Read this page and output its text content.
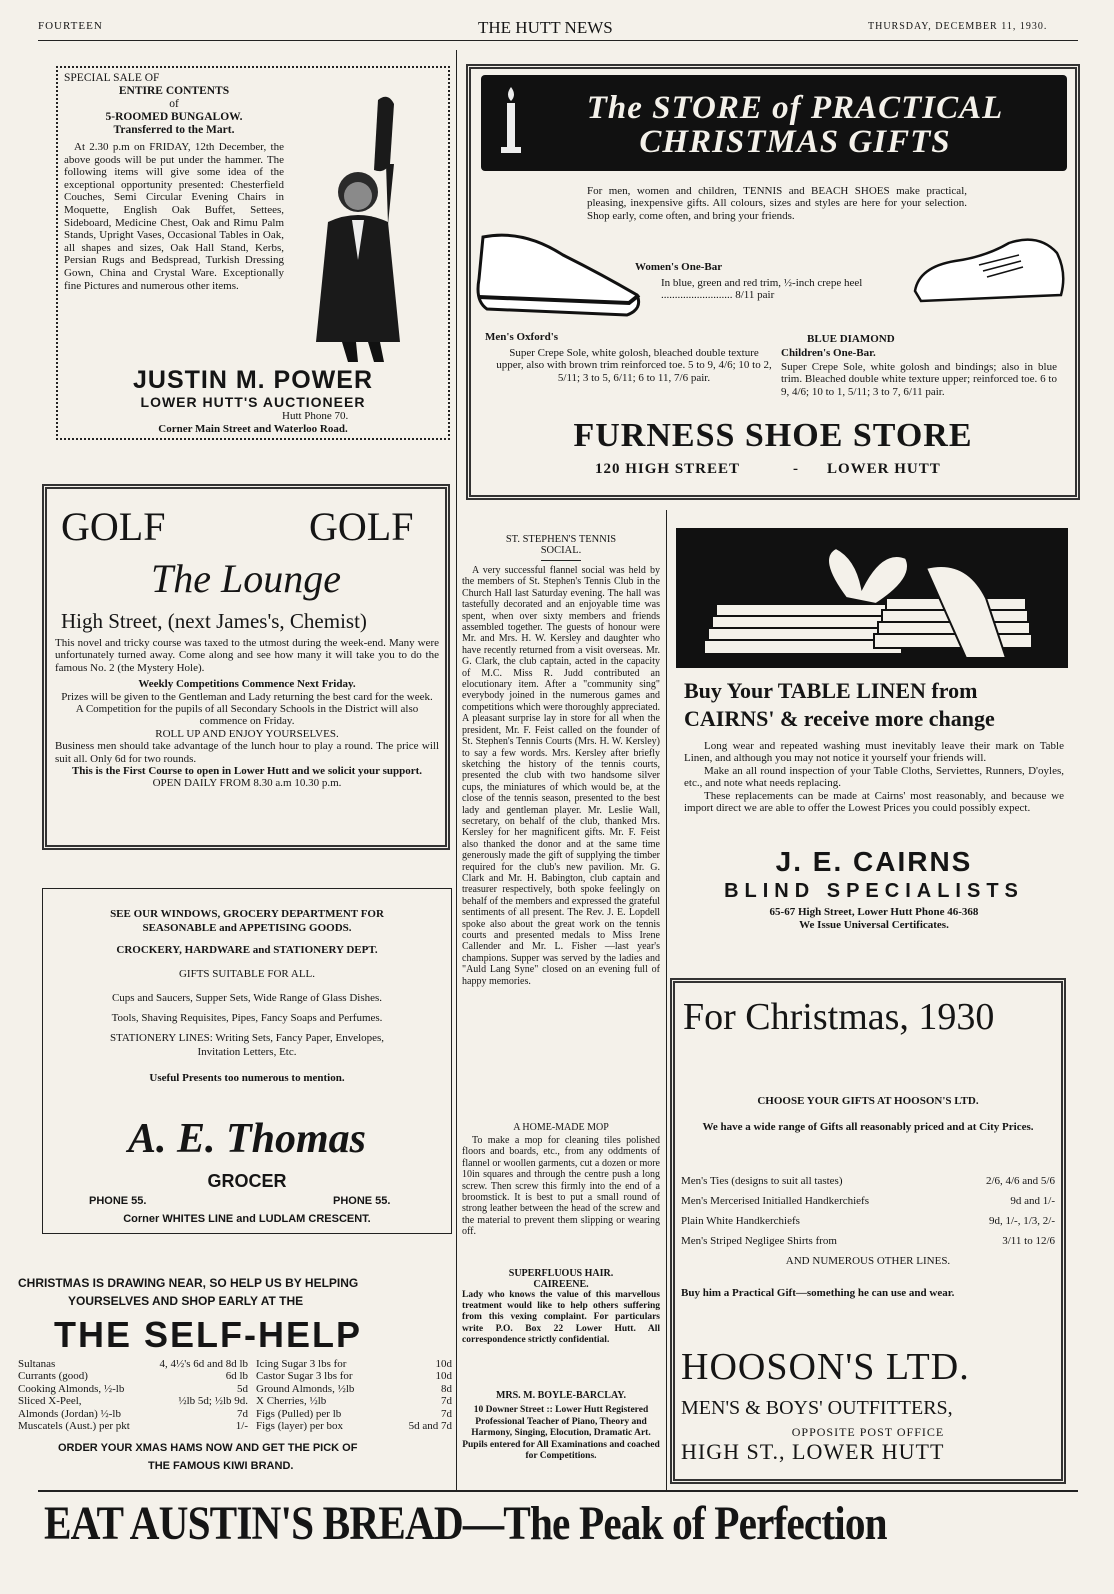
FOURTEEN	THE HUTT NEWS	THURSDAY, DECEMBER 11, 1930.
SPECIAL SALE OF
ENTIRE CONTENTS
of
5-ROOMED BUNGALOW.
Transferred to the Mart.

At 2.30 p.m on FRIDAY, 12th December, the above goods will be put under the hammer. The following items will give some idea of the exceptional opportunity presented: Chesterfield Couches, Semi Circular Evening Chairs in Moquette, English Oak Buffet, Settees, Sideboard, Medicine Chest, Oak and Rimu Palm Stands, Upright Vases, Occasional Tables in Oak, all shapes and sizes, Oak Hall Stand, Kerbs, Persian Rugs and Bedspread, Turkish Dressing Gown, China and Crystal Ware. Exceptionally fine Pictures and numerous other items.

JUSTIN M. POWER
LOWER HUTT'S AUCTIONEER
Hutt Phone 70.
Corner Main Street and Waterloo Road.
The STORE of PRACTICAL CHRISTMAS GIFTS

For men, women and children, TENNIS and BEACH SHOES make practical, pleasing, inexpensive gifts. All colours, sizes and styles are here for your selection. Shop early, come often, and bring your friends.

Women's One-Bar

In blue, green and red trim, ½-inch crepe heel .......................... 8/11 pair

Men's Oxford's

Super Crepe Sole, white golosh, bleached double texture upper, also with brown trim reinforced toe. 5 to 9, 4/6; 10 to 2, 5/11; 3 to 5, 6/11; 6 to 11, 7/6 pair.

BLUE DIAMOND
Children's One-Bar.

Super Crepe Sole, white golosh and bindings; also in blue trim. Bleached double white texture upper; reinforced toe. 6 to 9, 4/6; 10 to 1, 5/11; 3 to 7, 6/11 pair.

FURNESS SHOE STORE
120 HIGH STREET	- LOWER HUTT
GOLF	GOLF
The Lounge
High Street, (next James's, Chemist)

This novel and tricky course was taxed to the utmost during the week-end. Many were unfortunately turned away. Come along and see how many it will take you to do the famous No. 2 (the Mystery Hole).

Weekly Competitions Commence Next Friday.

Prizes will be given to the Gentleman and Lady returning the best card for the week.

A Competition for the pupils of all Secondary Schools in the District will also commence on Friday.

ROLL UP AND ENJOY YOURSELVES.

Business men should take advantage of the lunch hour to play a round. The price will suit all. Only 6d for two rounds.

This is the First Course to open in Lower Hutt and we solicit your support.

OPEN DAILY FROM 8.30 a.m 10.30 p.m.

SEE OUR WINDOWS, GROCERY DEPARTMENT FOR
SEASONABLE and APPETISING GOODS.
CROCKERY, HARDWARE and STATIONERY DEPT.
GIFTS SUITABLE FOR ALL.
Cups and Saucers, Supper Sets, Wide Range of Glass Dishes.
Tools, Shaving Requisites, Pipes, Fancy Soaps and Perfumes.
STATIONERY LINES: Writing Sets, Fancy Paper, Envelopes,
Invitation Letters, Etc.
Useful Presents too numerous to mention.
A. E. Thomas
GROCER
PHONE 55.	PHONE 55.
Corner WHITES LINE and LUDLAM CRESCENT.
CHRISTMAS IS DRAWING NEAR, SO HELP US BY HELPING
YOURSELVES AND SHOP EARLY AT THE
THE SELF-HELP
Sultanas	4, 4½'s 6d and 8d lb
Currants (good)	6d lb
Cooking Almonds, ½-lb	5d
Sliced X-Peel,	½lb 5d; ½lb 9d.
Almonds (Jordan) ½-lb	7d
Muscatels (Aust.) per pkt	1/-
Icing Sugar 3 lbs for	10d
Castor Sugar 3 lbs for	10d
Ground Almonds, ½lb	8d
X Cherries, ½lb	7d
Figs (Pulled) per lb	7d
Figs (layer) per box	5d and 7d
ORDER YOUR XMAS HAMS NOW AND GET THE PICK OF
THE FAMOUS KIWI BRAND.
ST. STEPHEN'S TENNIS
SOCIAL.

A very successful flannel social was held by the members of St. Stephen's Tennis Club in the Church Hall last Saturday evening. The hall was tastefully decorated and an enjoyable time was spent, when over sixty members and friends assembled together. The guests of honour were Mr. and Mrs. H. W. Kersley and daughter who have recently returned from a visit overseas. Mr. G. Clark, the club captain, acted in the capacity of M.C. Miss R. Judd contributed an elocutionary item. After a "community sing" everybody joined in the numerous games and competitions which were thoroughly appreciated. A pleasant surprise lay in store for all when the president, Mr. F. Feist called on the founder of St. Stephen's Tennis Courts (Mrs. H. W. Kersley) to say a few words. Mrs. Kersley after briefly sketching the history of the tennis courts, presented the club with two handsome silver cups, the miniatures of which would be, at the close of the tennis season, presented to the best lady and gentleman player. Mr. Leslie Wall, secretary, on behalf of the club, thanked Mrs. Kersley for her magnificent gifts. Mr. F. Feist also thanked the donor and at the same time generously made the gift of supplying the timber required for the club's new pavilion. Mr. G. Clark and Mr. H. Babington, club captain and treasurer respectively, both spoke feelingly on behalf of the members and expressed the grateful sentiments of all present. The Rev. J. E. Lopdell spoke also about the great work on the tennis courts and presented medals to Miss Irene Callender and Mr. L. Fisher —last year's champions. Supper was served by the ladies and "Auld Lang Syne" closed on an evening full of happy memories.

A HOME-MADE MOP

To make a mop for cleaning tiles polished floors and boards, etc., from any oddments of flannel or woollen garments, cut a dozen or more 10in squares and through the centre push a long screw. Then screw this firmly into the end of a broomstick. It is best to put a small round of strong leather between the head of the screw and the material to prevent them slipping or wearing off.

SUPERFLUOUS HAIR.
CAIREENE.

Lady who knows the value of this marvellous treatment would like to help others suffering from this vexing complaint. For particulars write P.O. Box 22 Lower Hutt. All correspondence strictly confidential.

MRS. M. BOYLE-BARCLAY.

10 Downer Street :: Lower Hutt Registered Professional Teacher of Piano, Theory and Harmony, Singing, Elocution, Dramatic Art. Pupils entered for All Examinations and coached for Competitions.

Buy Your TABLE LINEN from
CAIRNS' & receive more change

Long wear and repeated washing must inevitably leave their mark on Table Linen, and although you may not notice it yourself your friends will.

Make an all round inspection of your Table Cloths, Serviettes, Runners, D'oyles, etc., and note what needs replacing.

These replacements can be made at Cairns' most reasonably, and because we import direct we are able to offer the Lowest Prices you could possibly expect.

J. E. CAIRNS
BLIND SPECIALISTS
65-67 High Street, Lower Hutt Phone 46-368
We Issue Universal Certificates.
For Christmas, 1930
CHOOSE YOUR GIFTS AT HOOSON'S LTD.
We have a wide range of Gifts all reasonably priced and at City Prices.
Men's Ties (designs to suit all tastes)	2/6, 4/6 and 5/6
Men's Mercerised Initialled Handkerchiefs	9d and 1/-
Plain White Handkerchiefs	9d, 1/-, 1/3, 2/-
Men's Striped Negligee Shirts from	3/11 to 12/6
AND NUMEROUS OTHER LINES.
Buy him a Practical Gift—something he can use and wear.
HOOSON'S LTD.
MEN'S & BOYS' OUTFITTERS,
OPPOSITE POST OFFICE
HIGH ST., LOWER HUTT
EAT AUSTIN'S BREAD—The Peak of Perfection
